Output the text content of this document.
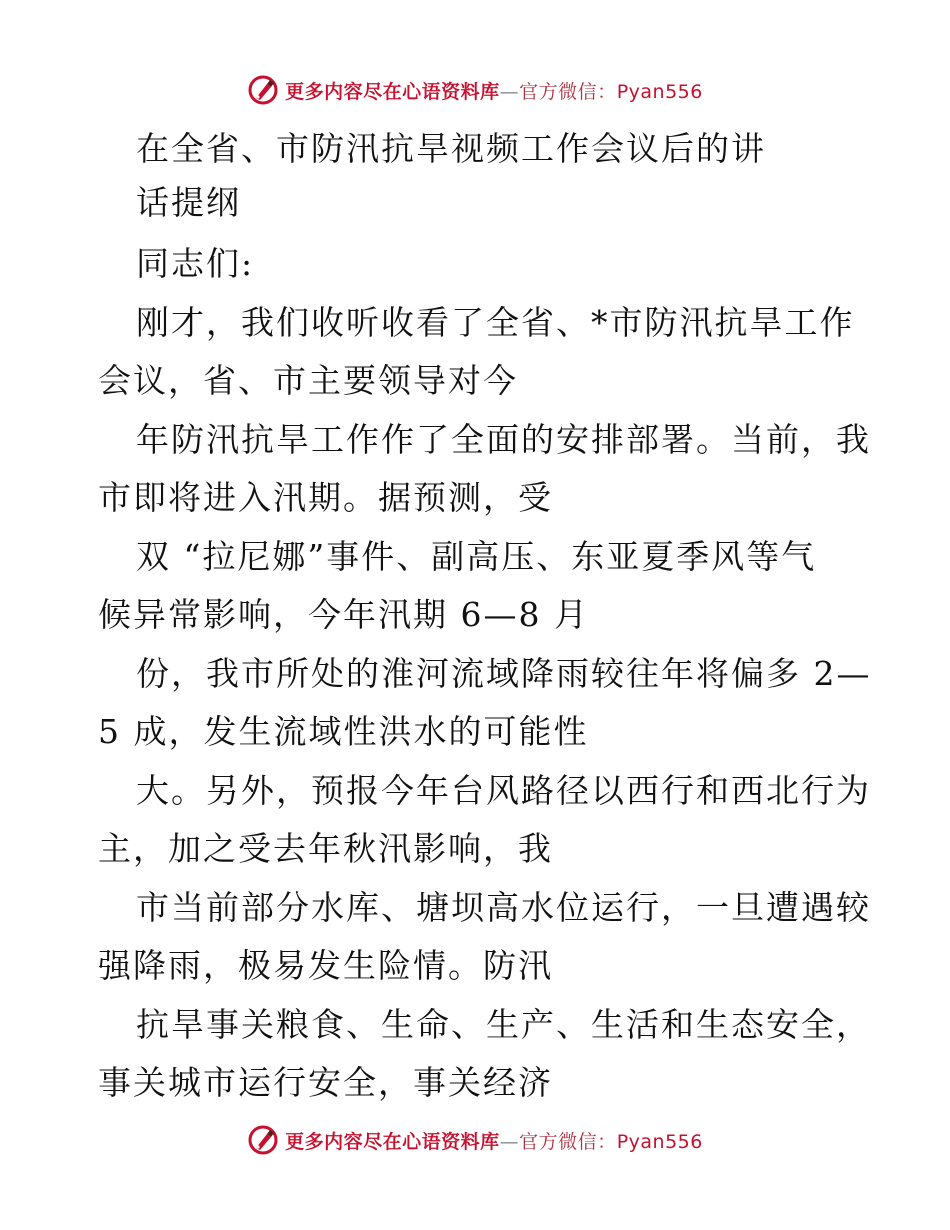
更多内容尽在心语资料库—官方微信：Pyan556
在全省、市防汛抗旱视频工作会议后的讲
话提纲
同志们:
刚才，我们收听收看了全省、*市防汛抗旱工作
会议，省、市主要领导对今
年防汛抗旱工作作了全面的安排部署。当前，我
市即将进入汛期。据预测，受
双 “拉尼娜”事件、副高压、东亚夏季风等气
候异常影响，今年汛期 6—8 月
份，我市所处的淮河流域降雨较往年将偏多 2—
5 成，发生流域性洪水的可能性
大。另外，预报今年台风路径以西行和西北行为
主，加之受去年秋汛影响，我
市当前部分水库、塘坝高水位运行，一旦遭遇较
强降雨，极易发生险情。防汛
抗旱事关粮食、生命、生产、生活和生态安全，
事关城市运行安全，事关经济
更多内容尽在心语资料库—官方微信：Pyan556
